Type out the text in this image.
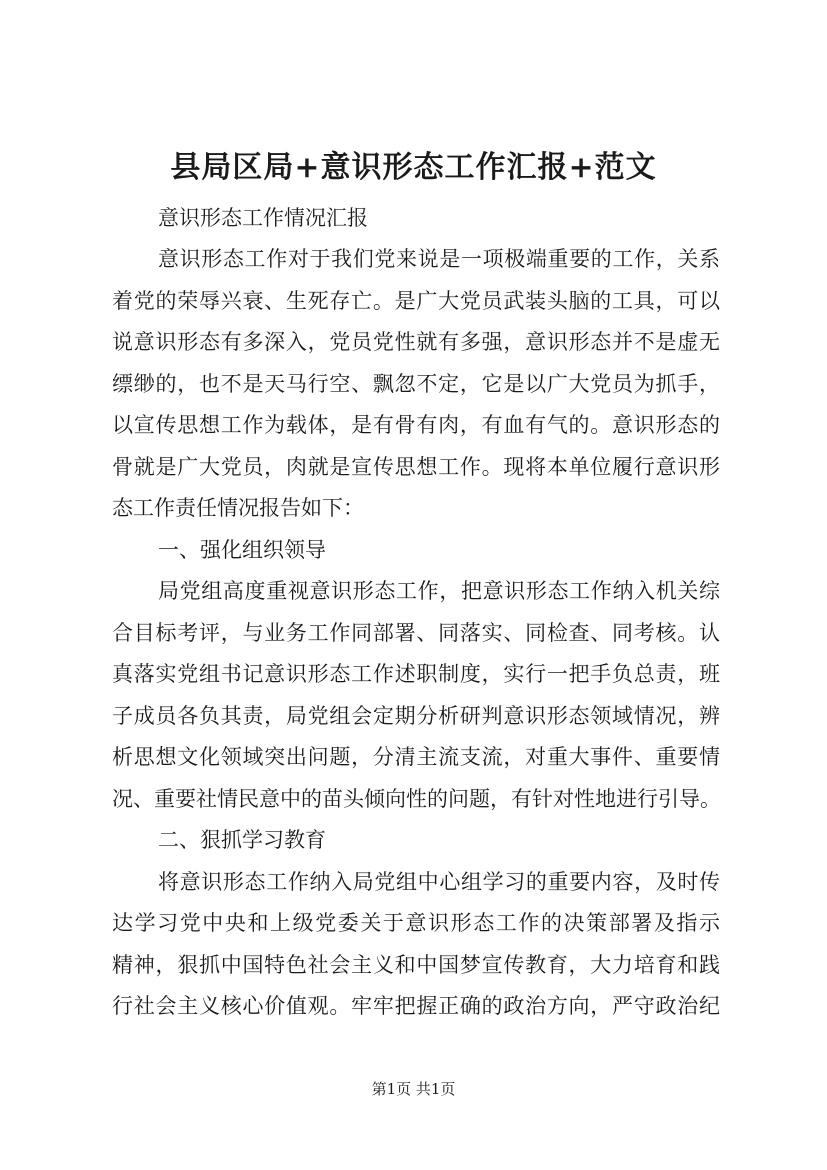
县局区局+意识形态工作汇报+范文
意识形态工作情况汇报
意识形态工作对于我们党来说是一项极端重要的工作，关系
着党的荣辱兴衰、生死存亡。是广大党员武装头脑的工具，可以
说意识形态有多深入，党员党性就有多强，意识形态并不是虚无
缥缈的，也不是天马行空、飘忽不定，它是以广大党员为抓手，
以宣传思想工作为载体，是有骨有肉，有血有气的。意识形态的
骨就是广大党员，肉就是宣传思想工作。现将本单位履行意识形
态工作责任情况报告如下：
一、强化组织领导
局党组高度重视意识形态工作，把意识形态工作纳入机关综
合目标考评，与业务工作同部署、同落实、同检查、同考核。认
真落实党组书记意识形态工作述职制度，实行一把手负总责，班
子成员各负其责，局党组会定期分析研判意识形态领域情况，辨
析思想文化领域突出问题，分清主流支流，对重大事件、重要情
况、重要社情民意中的苗头倾向性的问题，有针对性地进行引导。
二、狠抓学习教育
将意识形态工作纳入局党组中心组学习的重要内容，及时传
达学习党中央和上级党委关于意识形态工作的决策部署及指示
精神，狠抓中国特色社会主义和中国梦宣传教育，大力培育和践
行社会主义核心价值观。牢牢把握正确的政治方向，严守政治纪
第1页 共1页
